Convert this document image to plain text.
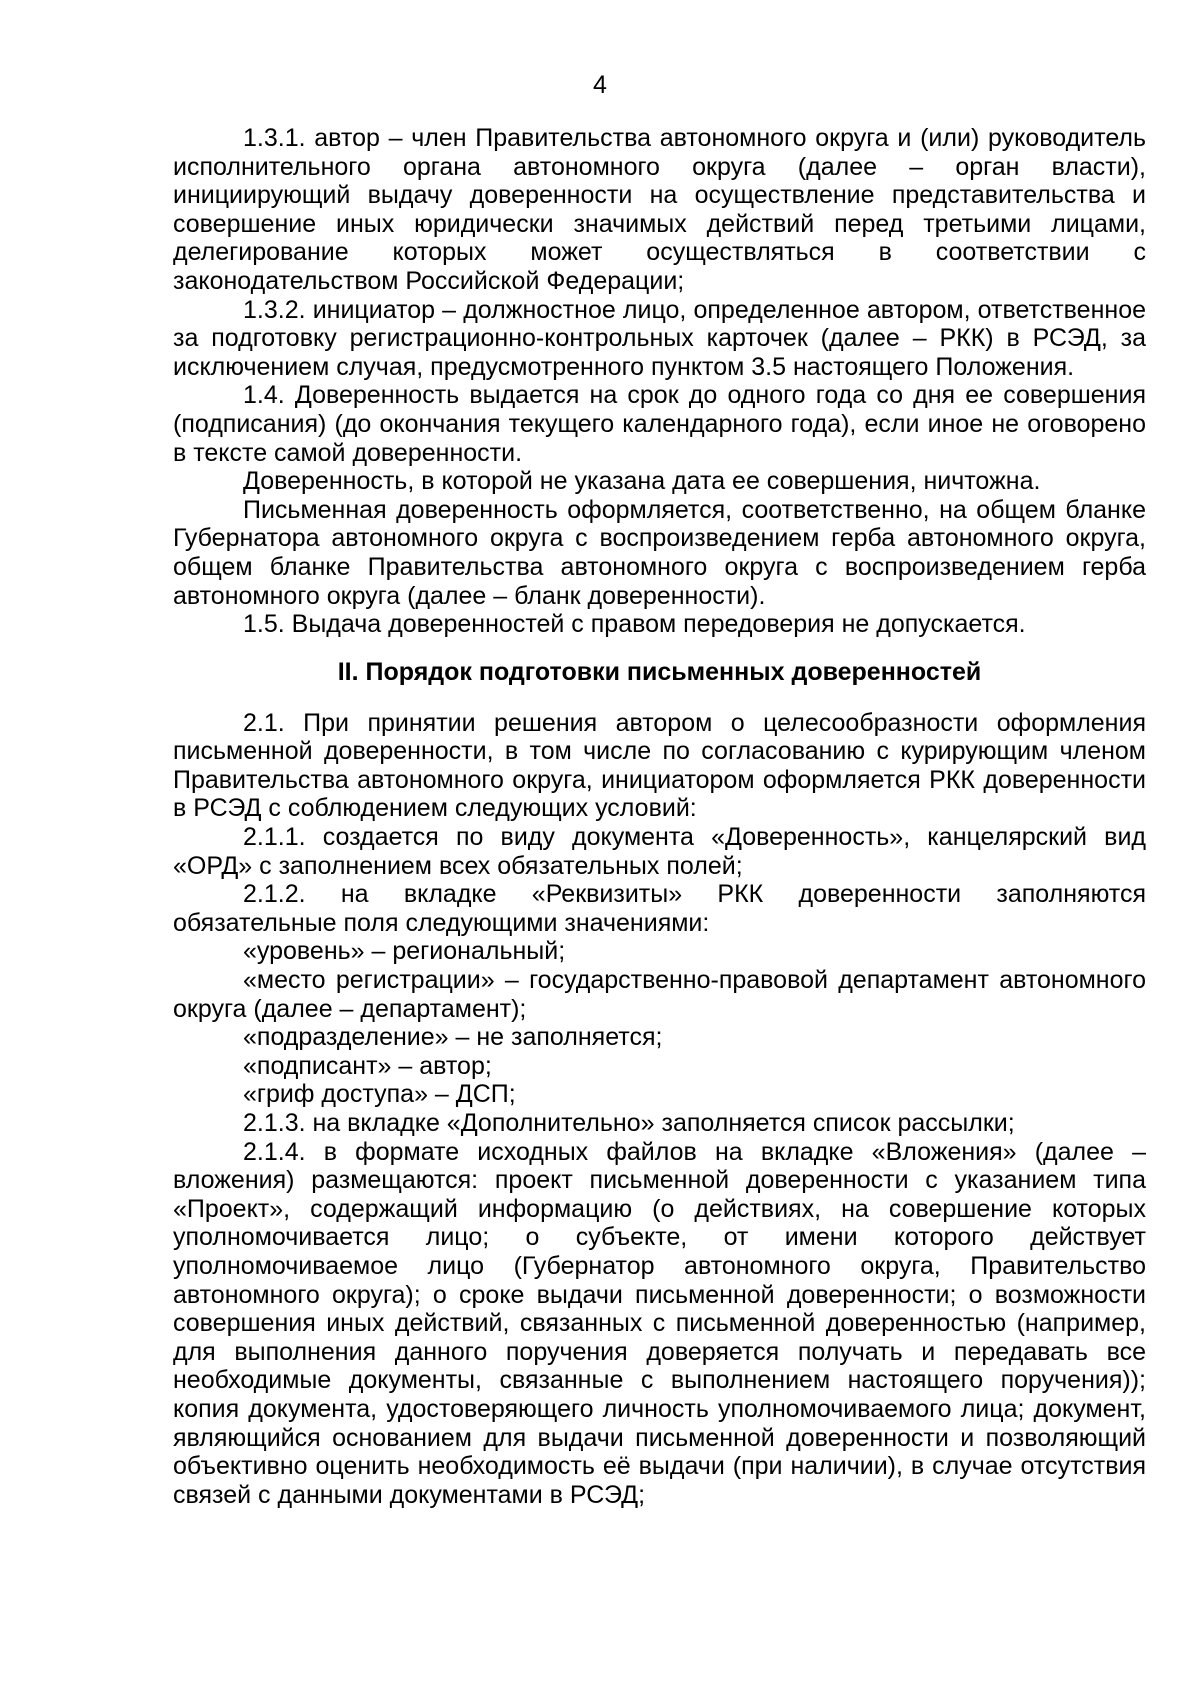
4

1.3.1. автор – член Правительства автономного округа и (или) руководитель исполнительного органа автономного округа (далее – орган власти), инициирующий выдачу доверенности на осуществление представительства и совершение иных юридически значимых действий перед третьими лицами, делегирование которых может осуществляться в соответствии с законодательством Российской Федерации;

1.3.2. инициатор – должностное лицо, определенное автором, ответственное за подготовку регистрационно-контрольных карточек (далее – РКК) в РСЭД, за исключением случая, предусмотренного пунктом 3.5 настоящего Положения.

1.4. Доверенность выдается на срок до одного года со дня ее совершения (подписания) (до окончания текущего календарного года), если иное не оговорено в тексте самой доверенности.

Доверенность, в которой не указана дата ее совершения, ничтожна.

Письменная доверенность оформляется, соответственно, на общем бланке Губернатора автономного округа с воспроизведением герба автономного округа, общем бланке Правительства автономного округа с воспроизведением герба автономного округа (далее – бланк доверенности).

1.5. Выдача доверенностей с правом передоверия не допускается.

II. Порядок подготовки письменных доверенностей

2.1. При принятии решения автором о целесообразности оформления письменной доверенности, в том числе по согласованию с курирующим членом Правительства автономного округа, инициатором оформляется РКК доверенности в РСЭД с соблюдением следующих условий:

2.1.1. создается по виду документа «Доверенность», канцелярский вид «ОРД» с заполнением всех обязательных полей;

2.1.2. на вкладке «Реквизиты» РКК доверенности заполняются обязательные поля следующими значениями:

«уровень» – региональный;

«место регистрации» – государственно-правовой департамент автономного округа (далее – департамент);

«подразделение» – не заполняется;

«подписант» – автор;

«гриф доступа» – ДСП;

2.1.3. на вкладке «Дополнительно» заполняется список рассылки;

2.1.4. в формате исходных файлов на вкладке «Вложения» (далее – вложения) размещаются: проект письменной доверенности с указанием типа «Проект», содержащий информацию (о действиях, на совершение которых уполномочивается лицо; о субъекте, от имени которого действует уполномочиваемое лицо (Губернатор автономного округа, Правительство автономного округа); о сроке выдачи письменной доверенности; о возможности совершения иных действий, связанных с письменной доверенностью (например, для выполнения данного поручения доверяется получать и передавать все необходимые документы, связанные с выполнением настоящего поручения)); копия документа, удостоверяющего личность уполномочиваемого лица; документ, являющийся основанием для выдачи письменной доверенности и позволяющий объективно оценить необходимость её выдачи (при наличии), в случае отсутствия связей с данными документами в РСЭД;
